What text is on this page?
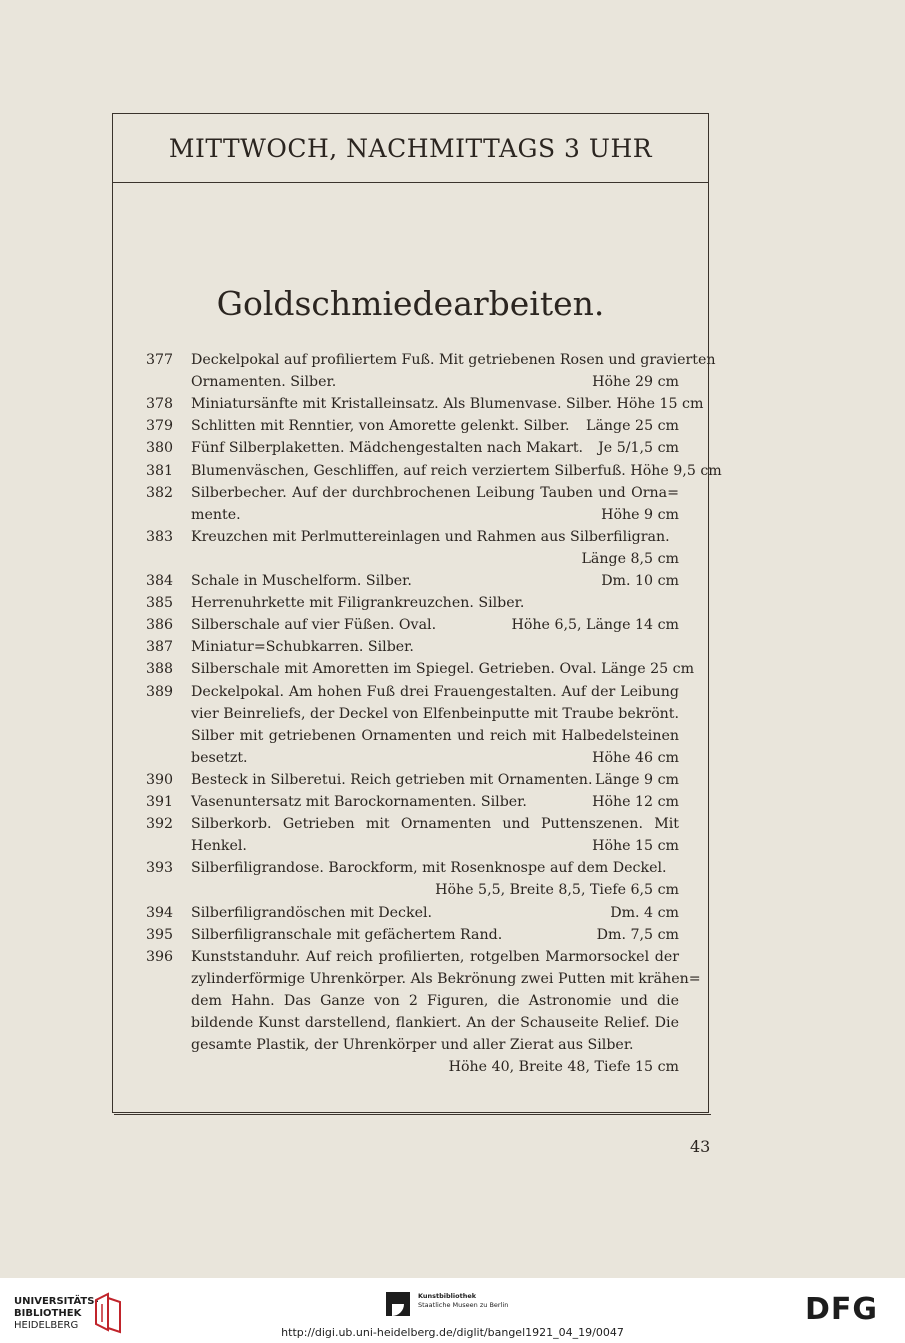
MITTWOCH, NACHMITTAGS 3 UHR
Goldschmiedearbeiten.
377	Deckelpokal auf profiliertem Fuß. Mit getriebenen Rosen und gravierten
Ornamenten. Silber.	Höhe 29 cm
378	Miniatursänfte mit Kristalleinsatz. Als Blumenvase. Silber. Höhe 15 cm
379	Schlitten mit Renntier, von Amorette gelenkt. Silber.	Länge 25 cm
380	Fünf Silberplaketten. Mädchengestalten nach Makart.	Je 5/1,5 cm
381	Blumenväschen, Geschliffen, auf reich verziertem Silberfuß. Höhe 9,5 cm
382	Silberbecher. Auf der durchbrochenen Leibung Tauben und Orna=
mente.	Höhe 9 cm
383	Kreuzchen mit Perlmuttereinlagen und Rahmen aus Silberfiligran.
Länge 8,5 cm
384	Schale in Muschelform. Silber.	Dm. 10 cm
385	Herrenuhrkette mit Filigrankreuzchen. Silber.
386	Silberschale auf vier Füßen. Oval.	Höhe 6,5, Länge 14 cm
387	Miniatur=Schubkarren. Silber.
388	Silberschale mit Amoretten im Spiegel. Getrieben. Oval. Länge 25 cm
389	Deckelpokal. Am hohen Fuß drei Frauengestalten. Auf der Leibung
vier Beinreliefs, der Deckel von Elfenbeinputte mit Traube bekrönt.
Silber mit getriebenen Ornamenten und reich mit Halbedelsteinen
besetzt.	Höhe 46 cm
390	Besteck in Silberetui. Reich getrieben mit Ornamenten. Länge 9 cm
391	Vasenuntersatz mit Barockornamenten. Silber.	Höhe 12 cm
392	Silberkorb. Getrieben mit Ornamenten und Puttenszenen. Mit
Henkel.	Höhe 15 cm
393	Silberfiligrandose. Barockform, mit Rosenknospe auf dem Deckel.
Höhe 5,5, Breite 8,5, Tiefe 6,5 cm
394	Silberfiligrandöschen mit Deckel.	Dm. 4 cm
395	Silberfiligranschale mit gefächertem Rand.	Dm. 7,5 cm
396	Kunststanduhr. Auf reich profilierten, rotgelben Marmorsockel der
zylinderförmige Uhrenkörper. Als Bekrönung zwei Putten mit krähen=
dem Hahn. Das Ganze von 2 Figuren, die Astronomie und die
bildende Kunst darstellend, flankiert. An der Schauseite Relief. Die
gesamte Plastik, der Uhrenkörper und aller Zierat aus Silber.
Höhe 40, Breite 48, Tiefe 15 cm
43
UNIVERSITÄTS-
BIBLIOTHEK
HEIDELBERG
Kunstbibliothek
Staatliche Museen zu Berlin	DFG
http://digi.ub.uni-heidelberg.de/diglit/bangel1921_04_19/0047
